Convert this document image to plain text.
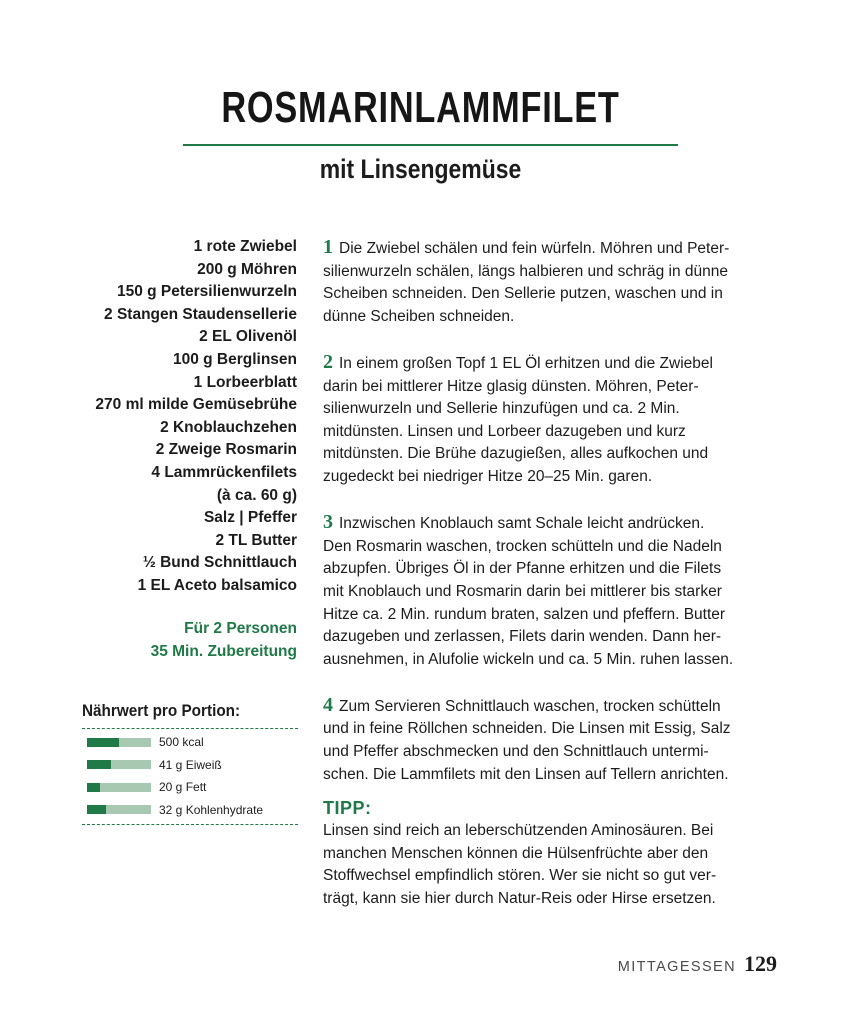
ROSMARINLAMMFILET
mit Linsengemüse
1 rote Zwiebel
200 g Möhren
150 g Petersilienwurzeln
2 Stangen Staudensellerie
2 EL Olivenöl
100 g Berglinsen
1 Lorbeerblatt
270 ml milde Gemüsebrühe
2 Knoblauchzehen
2 Zweige Rosmarin
4 Lammrückenfilets
(à ca. 60 g)
Salz | Pfeffer
2 TL Butter
½ Bund Schnittlauch
1 EL Aceto balsamico
Für 2 Personen
35 Min. Zubereitung
Nährwert pro Portion:
500 kcal
41 g Eiweiß
20 g Fett
32 g Kohlenhydrate

1 Die Zwiebel schälen und fein würfeln. Möhren und Peter-
silienwurzeln schälen, längs halbieren und schräg in dünne
Scheiben schneiden. Den Sellerie putzen, waschen und in
dünne Scheiben schneiden.

2 In einem großen Topf 1 EL Öl erhitzen und die Zwiebel
darin bei mittlerer Hitze glasig dünsten. Möhren, Peter-
silienwurzeln und Sellerie hinzufügen und ca. 2 Min.
mitdünsten. Linsen und Lorbeer dazugeben und kurz
mitdünsten. Die Brühe dazugießen, alles aufkochen und
zugedeckt bei niedriger Hitze 20–25 Min. garen.

3 Inzwischen Knoblauch samt Schale leicht andrücken.
Den Rosmarin waschen, trocken schütteln und die Nadeln
abzupfen. Übriges Öl in der Pfanne erhitzen und die Filets
mit Knoblauch und Rosmarin darin bei mittlerer bis starker
Hitze ca. 2 Min. rundum braten, salzen und pfeffern. Butter
dazugeben und zerlassen, Filets darin wenden. Dann her-
ausnehmen, in Alufolie wickeln und ca. 5 Min. ruhen lassen.

4 Zum Servieren Schnittlauch waschen, trocken schütteln
und in feine Röllchen schneiden. Die Linsen mit Essig, Salz
und Pfeffer abschmecken und den Schnittlauch untermi-
schen. Die Lammfilets mit den Linsen auf Tellern anrichten.

TIPP:
Linsen sind reich an leberschützenden Aminosäuren. Bei
manchen Menschen können die Hülsenfrüchte aber den
Stoffwechsel empfindlich stören. Wer sie nicht so gut ver-
trägt, kann sie hier durch Natur-Reis oder Hirse ersetzen.
MITTAGESSEN 129
